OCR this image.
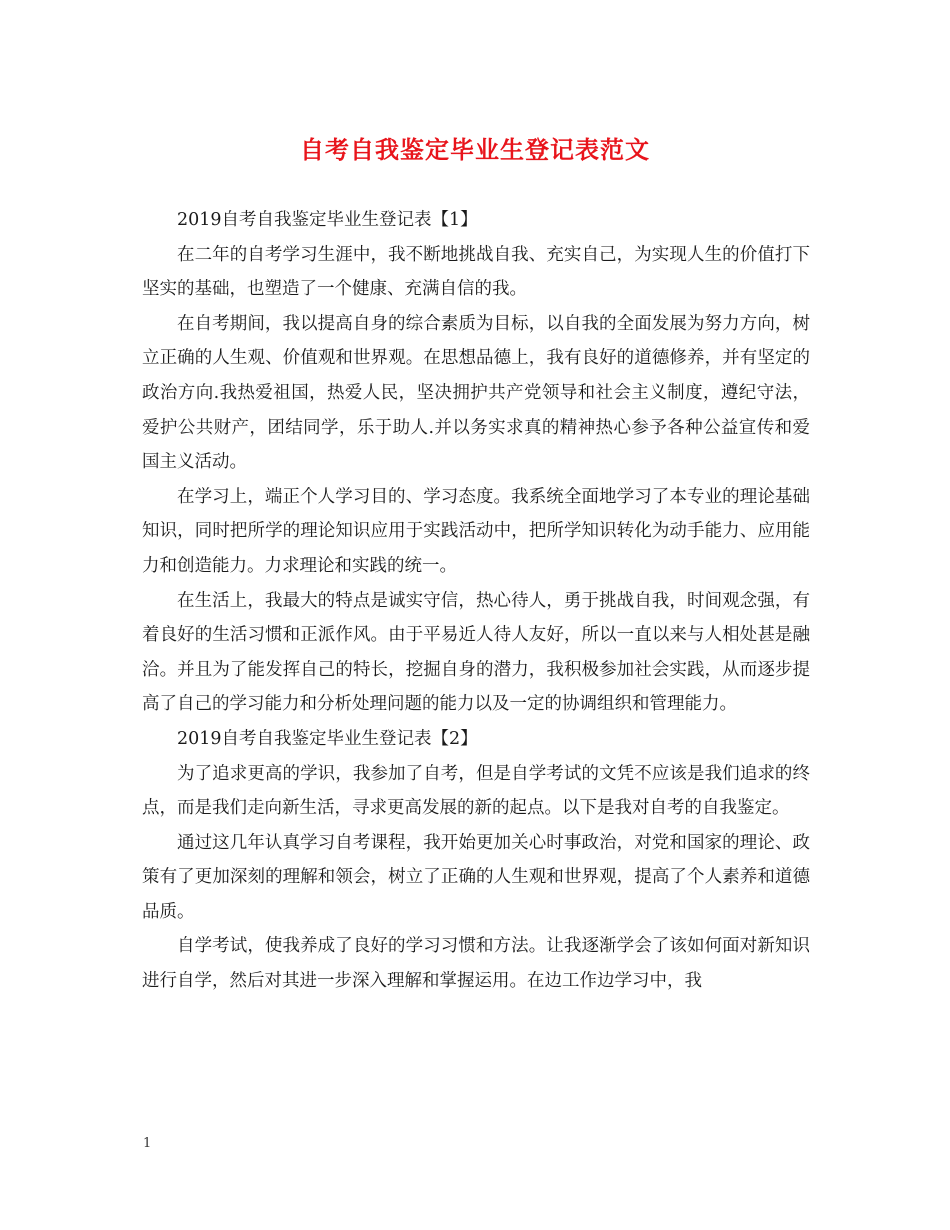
自考自我鉴定毕业生登记表范文

2019自考自我鉴定毕业生登记表【1】

在二年的自考学习生涯中，我不断地挑战自我、充实自己，为实现人生的价值打下坚实的基础，也塑造了一个健康、充满自信的我。

在自考期间，我以提高自身的综合素质为目标，以自我的全面发展为努力方向，树立正确的人生观、价值观和世界观。在思想品德上，我有良好的道德修养，并有坚定的政治方向.我热爱祖国，热爱人民，坚决拥护共产党领导和社会主义制度，遵纪守法，爱护公共财产，团结同学，乐于助人.并以务实求真的精神热心参予各种公益宣传和爱国主义活动。

在学习上，端正个人学习目的、学习态度。我系统全面地学习了本专业的理论基础知识，同时把所学的理论知识应用于实践活动中，把所学知识转化为动手能力、应用能力和创造能力。力求理论和实践的统一。

在生活上，我最大的特点是诚实守信，热心待人，勇于挑战自我，时间观念强，有着良好的生活习惯和正派作风。由于平易近人待人友好，所以一直以来与人相处甚是融洽。并且为了能发挥自己的特长，挖掘自身的潜力，我积极参加社会实践，从而逐步提高了自己的学习能力和分析处理问题的能力以及一定的协调组织和管理能力。

2019自考自我鉴定毕业生登记表【2】

为了追求更高的学识，我参加了自考，但是自学考试的文凭不应该是我们追求的终点，而是我们走向新生活，寻求更高发展的新的起点。以下是我对自考的自我鉴定。

通过这几年认真学习自考课程，我开始更加关心时事政治，对党和国家的理论、政策有了更加深刻的理解和领会，树立了正确的人生观和世界观，提高了个人素养和道德品质。

自学考试，使我养成了良好的学习习惯和方法。让我逐渐学会了该如何面对新知识进行自学，然后对其进一步深入理解和掌握运用。在边工作边学习中，我

1
